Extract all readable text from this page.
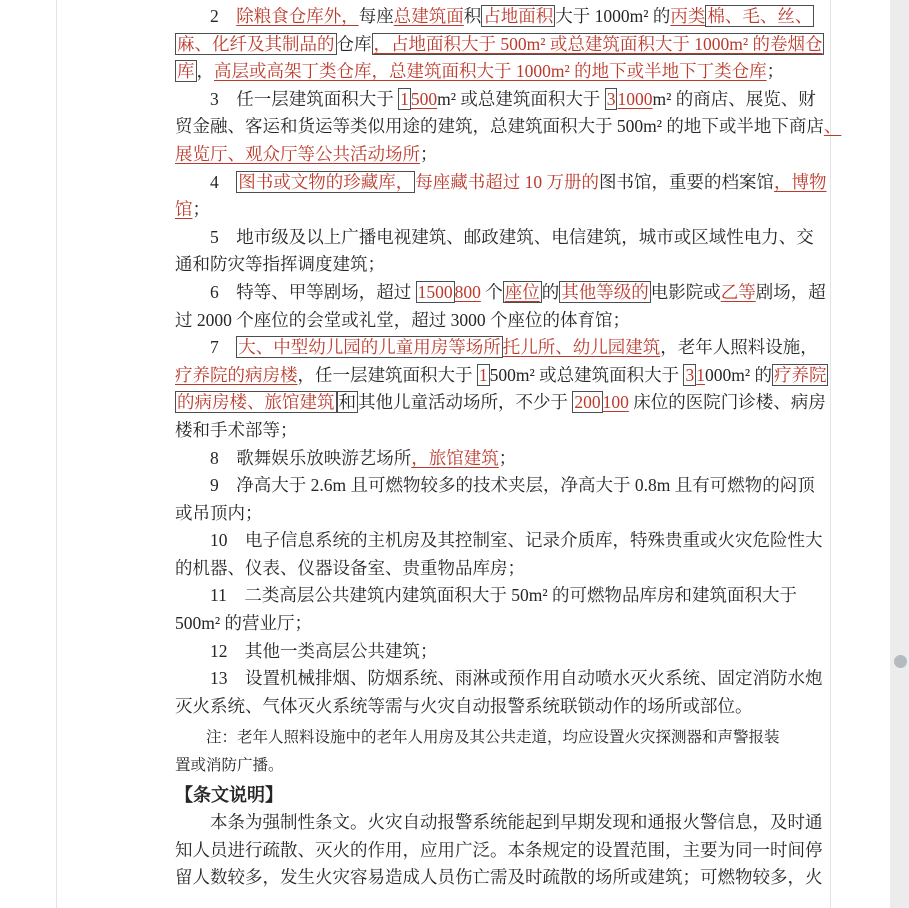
　　2　除粮食仓库外，每座总建筑面积 占地面积 大于 1000m² 的丙类 棉、毛、丝、
麻、化纤及其制品的 仓库 ，占地面积大于 500m² 或总建筑面积大于 1000m² 的卷烟仓
库 ，高层或高架丁类仓库，总建筑面积大于 1000m² 的地下或半地下丁类仓库；
　　3　任一层建筑面积大于 1 500m² 或总建筑面积大于 3 1000m² 的商店、展览、财
贸金融、客运和货运等类似用途的建筑，总建筑面积大于 500m² 的地下或半地下商店、
展览厅、观众厅等公共活动场所；
　　4　图书或文物的珍藏库， 每座藏书超过 10 万册的图书馆，重要的档案馆，博物
馆；
　　5　地市级及以上广播电视建筑、邮政建筑、电信建筑，城市或区域性电力、交
通和防灾等指挥调度建筑；
　　6　特等、甲等剧场，超过 1500 800 个 座位 的 其他等级的 电影院或乙等剧场，超
过 2000 个座位的会堂或礼堂，超过 3000 个座位的体育馆；
　　7　大、中型幼儿园的儿童用房等场所 托儿所、幼儿园建筑，老年人照料设施，
疗养院的病房楼，任一层建筑面积大于 1 500m² 或总建筑面积大于 3 1000m² 的 疗养院
的病房楼、旅馆建筑 和 其他儿童活动场所，不少于 200 100 床位的医院门诊楼、病房
楼和手术部等；
　　8　歌舞娱乐放映游艺场所，旅馆建筑；
　　9　净高大于 2.6m 且可燃物较多的技术夹层，净高大于 0.8m 且有可燃物的闷顶
或吊顶内；
　　10　电子信息系统的主机房及其控制室、记录介质库，特殊贵重或火灾危险性大
的机器、仪表、仪器设备室、贵重物品库房；
　　11　二类高层公共建筑内建筑面积大于 50m² 的可燃物品库房和建筑面积大于
500m² 的营业厅；
　　12　其他一类高层公共建筑；
　　13　设置机械排烟、防烟系统、雨淋或预作用自动喷水灭火系统、固定消防水炮
灭火系统、气体灭火系统等需与火灾自动报警系统联锁动作的场所或部位。
　　注：老年人照料设施中的老年人用房及其公共走道，均应设置火灾探测器和声警报装
置或消防广播。
【条文说明】
　　本条为强制性条文。火灾自动报警系统能起到早期发现和通报火警信息，及时通
知人员进行疏散、灭火的作用，应用广泛。本条规定的设置范围，主要为同一时间停
留人数较多，发生火灾容易造成人员伤亡需及时疏散的场所或建筑；可燃物较多，火
